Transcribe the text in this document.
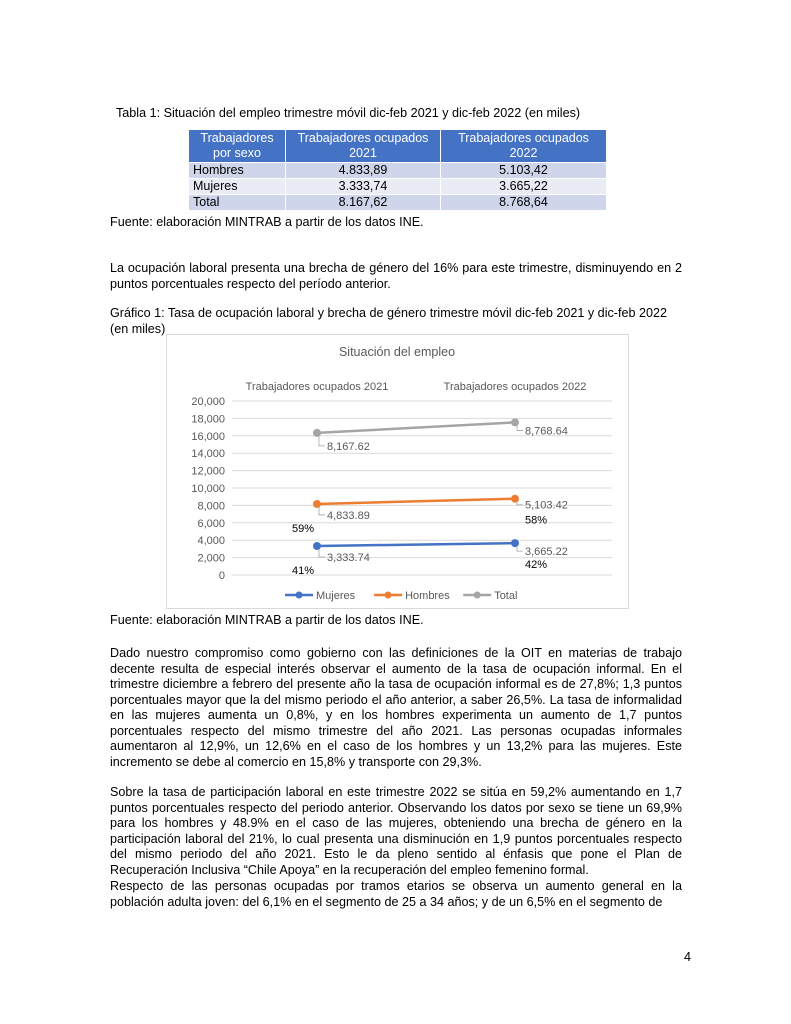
Tabla 1: Situación del empleo trimestre móvil dic-feb 2021 y dic-feb 2022 (en miles)
Trabajadores por sexo	Trabajadores ocupados 2021	Trabajadores ocupados 2022
Hombres	4.833,89	5.103,42
Mujeres	3.333,74	3.665,22
Total	8.167,62	8.768,64
Fuente: elaboración MINTRAB a partir de los datos INE.
La ocupación laboral presenta una brecha de género del 16% para este trimestre, disminuyendo en 2 puntos porcentuales respecto del período anterior.
Gráfico 1: Tasa de ocupación laboral y brecha de género trimestre móvil dic-feb 2021 y dic-feb 2022 (en miles)
Situación del empleo
Trabajadores ocupados 2021	Trabajadores ocupados 2022
0
2,000
4,000
6,000
8,000
10,000
12,000
14,000
16,000
18,000
20,000
3,333.74
41%
3,665.22
42%
4,833.89
59%
5,103.42
58%
8,167.62
8,768.64
Mujeres	Hombres	Total
Fuente: elaboración MINTRAB a partir de los datos INE.
Dado nuestro compromiso como gobierno con las definiciones de la OIT en materias de trabajo decente resulta de especial interés observar el aumento de la tasa de ocupación informal. En el trimestre diciembre a febrero del presente año la tasa de ocupación informal es de 27,8%; 1,3 puntos porcentuales mayor que la del mismo periodo el año anterior, a saber 26,5%. La tasa de informalidad en las mujeres aumenta un 0,8%, y en los hombres experimenta un aumento de 1,7 puntos porcentuales respecto del mismo trimestre del año 2021. Las personas ocupadas informales aumentaron al 12,9%, un 12,6% en el caso de los hombres y un 13,2% para las mujeres. Este incremento se debe al comercio en 15,8% y transporte con 29,3%.
Sobre la tasa de participación laboral en este trimestre 2022 se sitúa en 59,2% aumentando en 1,7 puntos porcentuales respecto del periodo anterior. Observando los datos por sexo se tiene un 69,9% para los hombres y 48.9% en el caso de las mujeres, obteniendo una brecha de género en la participación laboral del 21%, lo cual presenta una disminución en 1,9 puntos porcentuales respecto del mismo periodo del año 2021. Esto le da pleno sentido al énfasis que pone el Plan de Recuperación Inclusiva “Chile Apoya” en la recuperación del empleo femenino formal.
Respecto de las personas ocupadas por tramos etarios se observa un aumento general en la población adulta joven: del 6,1% en el segmento de 25 a 34 años; y de un 6,5% en el segmento de
4
